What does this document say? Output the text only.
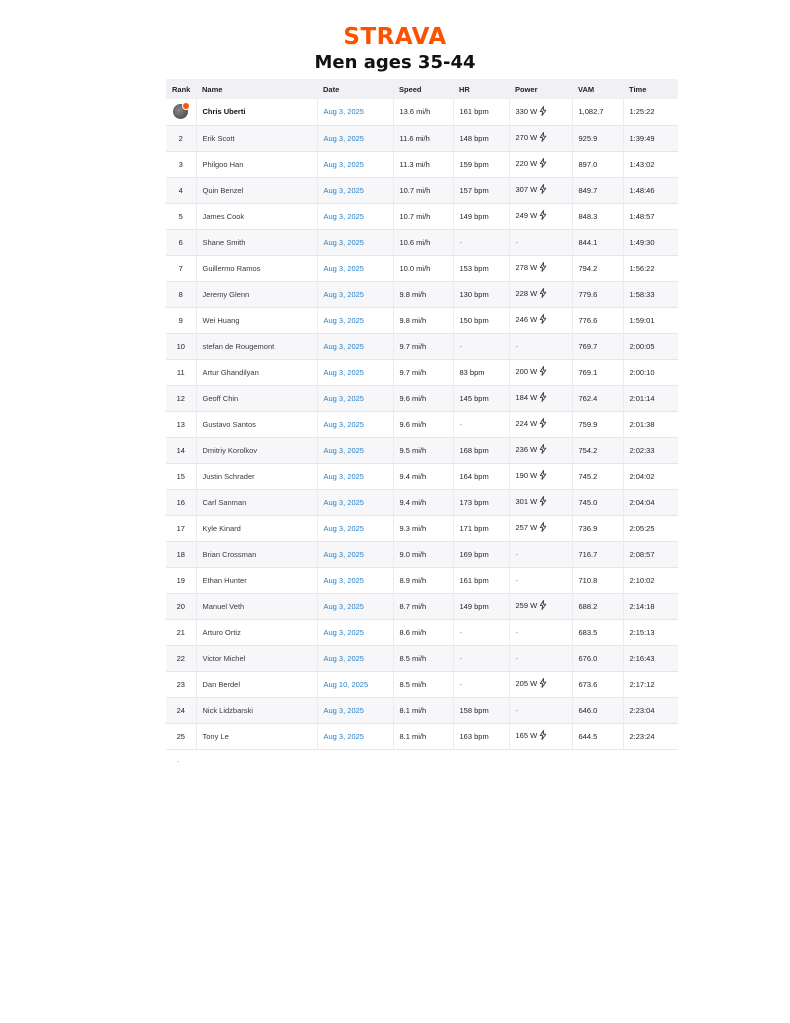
STRAVA
Men ages 35-44
Rank	Name	Date	Speed	HR	Power	VAM	Time

	Chris Uberti	Aug 3, 2025	13.6 mi/h	161 bpm	330 W	1,082.7	1:25:22
2	Erik Scott	Aug 3, 2025	11.6 mi/h	148 bpm	270 W	925.9	1:39:49
3	Philgoo Han	Aug 3, 2025	11.3 mi/h	159 bpm	220 W	897.0	1:43:02
4	Quin Benzel	Aug 3, 2025	10.7 mi/h	157 bpm	307 W	849.7	1:48:46
5	James Cook	Aug 3, 2025	10.7 mi/h	149 bpm	249 W	848.3	1:48:57
6	Shane Smith	Aug 3, 2025	10.6 mi/h	-	-	844.1	1:49:30
7	Guillermo Ramos	Aug 3, 2025	10.0 mi/h	153 bpm	278 W	794.2	1:56:22
8	Jeremy Glenn	Aug 3, 2025	9.8 mi/h	130 bpm	228 W	779.6	1:58:33
9	Wei Huang	Aug 3, 2025	9.8 mi/h	150 bpm	246 W	776.6	1:59:01
10	stefan de Rougemont	Aug 3, 2025	9.7 mi/h	-	-	769.7	2:00:05
11	Artur Ghandilyan	Aug 3, 2025	9.7 mi/h	83 bpm	200 W	769.1	2:00:10
12	Geoff Chin	Aug 3, 2025	9.6 mi/h	145 bpm	184 W	762.4	2:01:14
13	Gustavo Santos	Aug 3, 2025	9.6 mi/h	-	224 W	759.9	2:01:38
14	Dmitriy Korolkov	Aug 3, 2025	9.5 mi/h	168 bpm	236 W	754.2	2:02:33
15	Justin Schrader	Aug 3, 2025	9.4 mi/h	164 bpm	190 W	745.2	2:04:02
16	Carl Sanman	Aug 3, 2025	9.4 mi/h	173 bpm	301 W	745.0	2:04:04
17	Kyle Kinard	Aug 3, 2025	9.3 mi/h	171 bpm	257 W	736.9	2:05:25
18	Brian Crossman	Aug 3, 2025	9.0 mi/h	169 bpm	-	716.7	2:08:57
19	Ethan Hunter	Aug 3, 2025	8.9 mi/h	161 bpm	-	710.8	2:10:02
20	Manuel Veth	Aug 3, 2025	8.7 mi/h	149 bpm	259 W	688.2	2:14:18
21	Arturo Ortiz	Aug 3, 2025	8.6 mi/h	-	-	683.5	2:15:13
22	Victor Michel	Aug 3, 2025	8.5 mi/h	-	-	676.0	2:16:43
23	Dan Berdel	Aug 10, 2025	8.5 mi/h	-	205 W	673.6	2:17:12
24	Nick Lidzbarski	Aug 3, 2025	8.1 mi/h	158 bpm	-	646.0	2:23:04
25	Tony Le	Aug 3, 2025	8.1 mi/h	163 bpm	165 W	644.5	2:23:24
